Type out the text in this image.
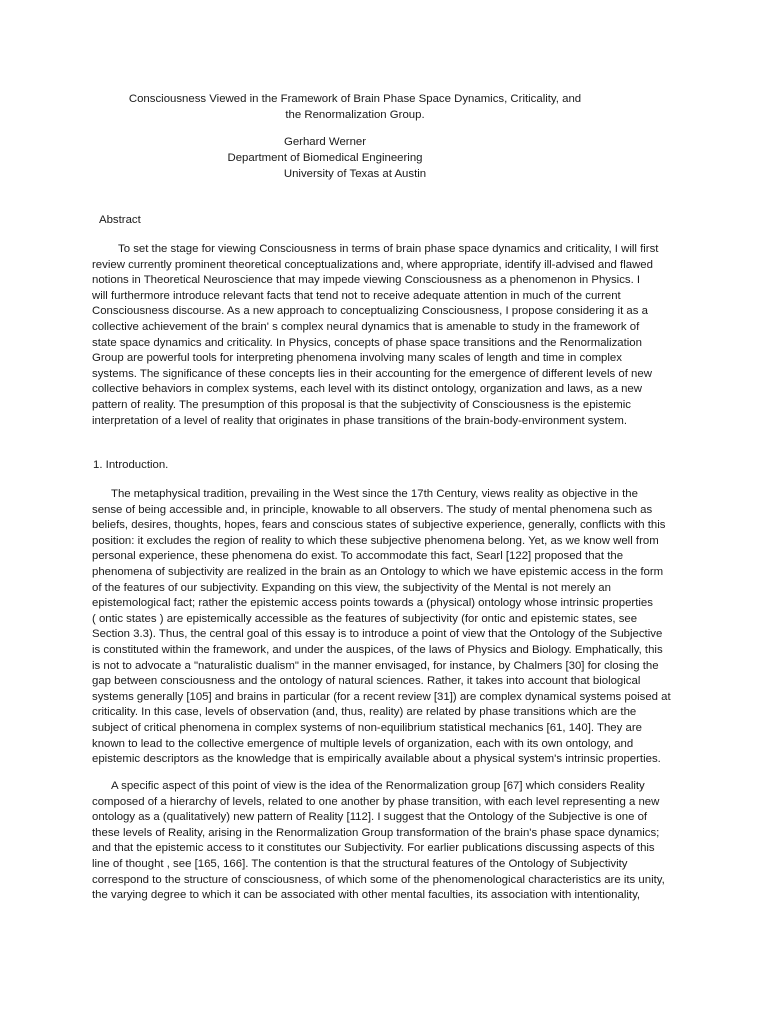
Consciousness Viewed in the Framework of Brain Phase Space Dynamics, Criticality, and
the Renormalization Group.
Gerhard Werner
Department of Biomedical Engineering
University of Texas at Austin
Abstract
To set the stage for viewing Consciousness in terms of brain phase space dynamics and criticality, I will first
review currently prominent theoretical conceptualizations and, where appropriate, identify ill-advised and flawed
notions in Theoretical Neuroscience that may impede viewing Consciousness as a phenomenon in Physics. I
will furthermore introduce relevant facts that tend not to receive adequate attention in much of the current
Consciousness discourse. As a new approach to conceptualizing Consciousness, I propose considering it as a
collective achievement of the brain' s complex neural dynamics that is amenable to study in the framework of
state space dynamics and criticality. In Physics, concepts of phase space transitions and the Renormalization
Group are powerful tools for interpreting phenomena involving many scales of length and time in complex
systems. The significance of these concepts lies in their accounting for the emergence of different levels of new
collective behaviors in complex systems, each level with its distinct ontology, organization and laws, as a new
pattern of reality. The presumption of this proposal is that the subjectivity of Consciousness is the epistemic
interpretation of a level of reality that originates in phase transitions of the brain-body-environment system.
1. Introduction.
The metaphysical tradition, prevailing in the West since the 17th Century, views reality as objective in the
sense of being accessible and, in principle, knowable to all observers. The study of mental phenomena such as
beliefs, desires, thoughts, hopes, fears and conscious states of subjective experience, generally, conflicts with this
position: it excludes the region of reality to which these subjective phenomena belong. Yet, as we know well from
personal experience, these phenomena do exist. To accommodate this fact, Searl [122] proposed that the
phenomena of subjectivity are realized in the brain as an Ontology to which we have epistemic access in the form
of the features of our subjectivity. Expanding on this view, the subjectivity of the Mental is not merely an
epistemological fact; rather the epistemic access points towards a (physical) ontology whose intrinsic properties
( ontic states ) are epistemically accessible as the features of subjectivity (for ontic and epistemic states, see
Section 3.3). Thus, the central goal of this essay is to introduce a point of view that the Ontology of the Subjective
is constituted within the framework, and under the auspices, of the laws of Physics and Biology. Emphatically, this
is not to advocate a "naturalistic dualism" in the manner envisaged, for instance, by Chalmers [30] for closing the
gap between consciousness and the ontology of natural sciences. Rather, it takes into account that biological
systems generally [105] and brains in particular (for a recent review [31]) are complex dynamical systems poised at
criticality. In this case, levels of observation (and, thus, reality) are related by phase transitions which are the
subject of critical phenomena in complex systems of non-equilibrium statistical mechanics [61, 140]. They are
known to lead to the collective emergence of multiple levels of organization, each with its own ontology, and
epistemic descriptors as the knowledge that is empirically available about a physical system's intrinsic properties.
A specific aspect of this point of view is the idea of the Renormalization group [67] which considers Reality
composed of a hierarchy of levels, related to one another by phase transition, with each level representing a new
ontology as a (qualitatively) new pattern of Reality [112]. I suggest that the Ontology of the Subjective is one of
these levels of Reality, arising in the Renormalization Group transformation of the brain's phase space dynamics;
and that the epistemic access to it constitutes our Subjectivity. For earlier publications discussing aspects of this
line of thought , see [165, 166]. The contention is that the structural features of the Ontology of Subjectivity
correspond to the structure of consciousness, of which some of the phenomenological characteristics are its unity,
the varying degree to which it can be associated with other mental faculties, its association with intentionality,
